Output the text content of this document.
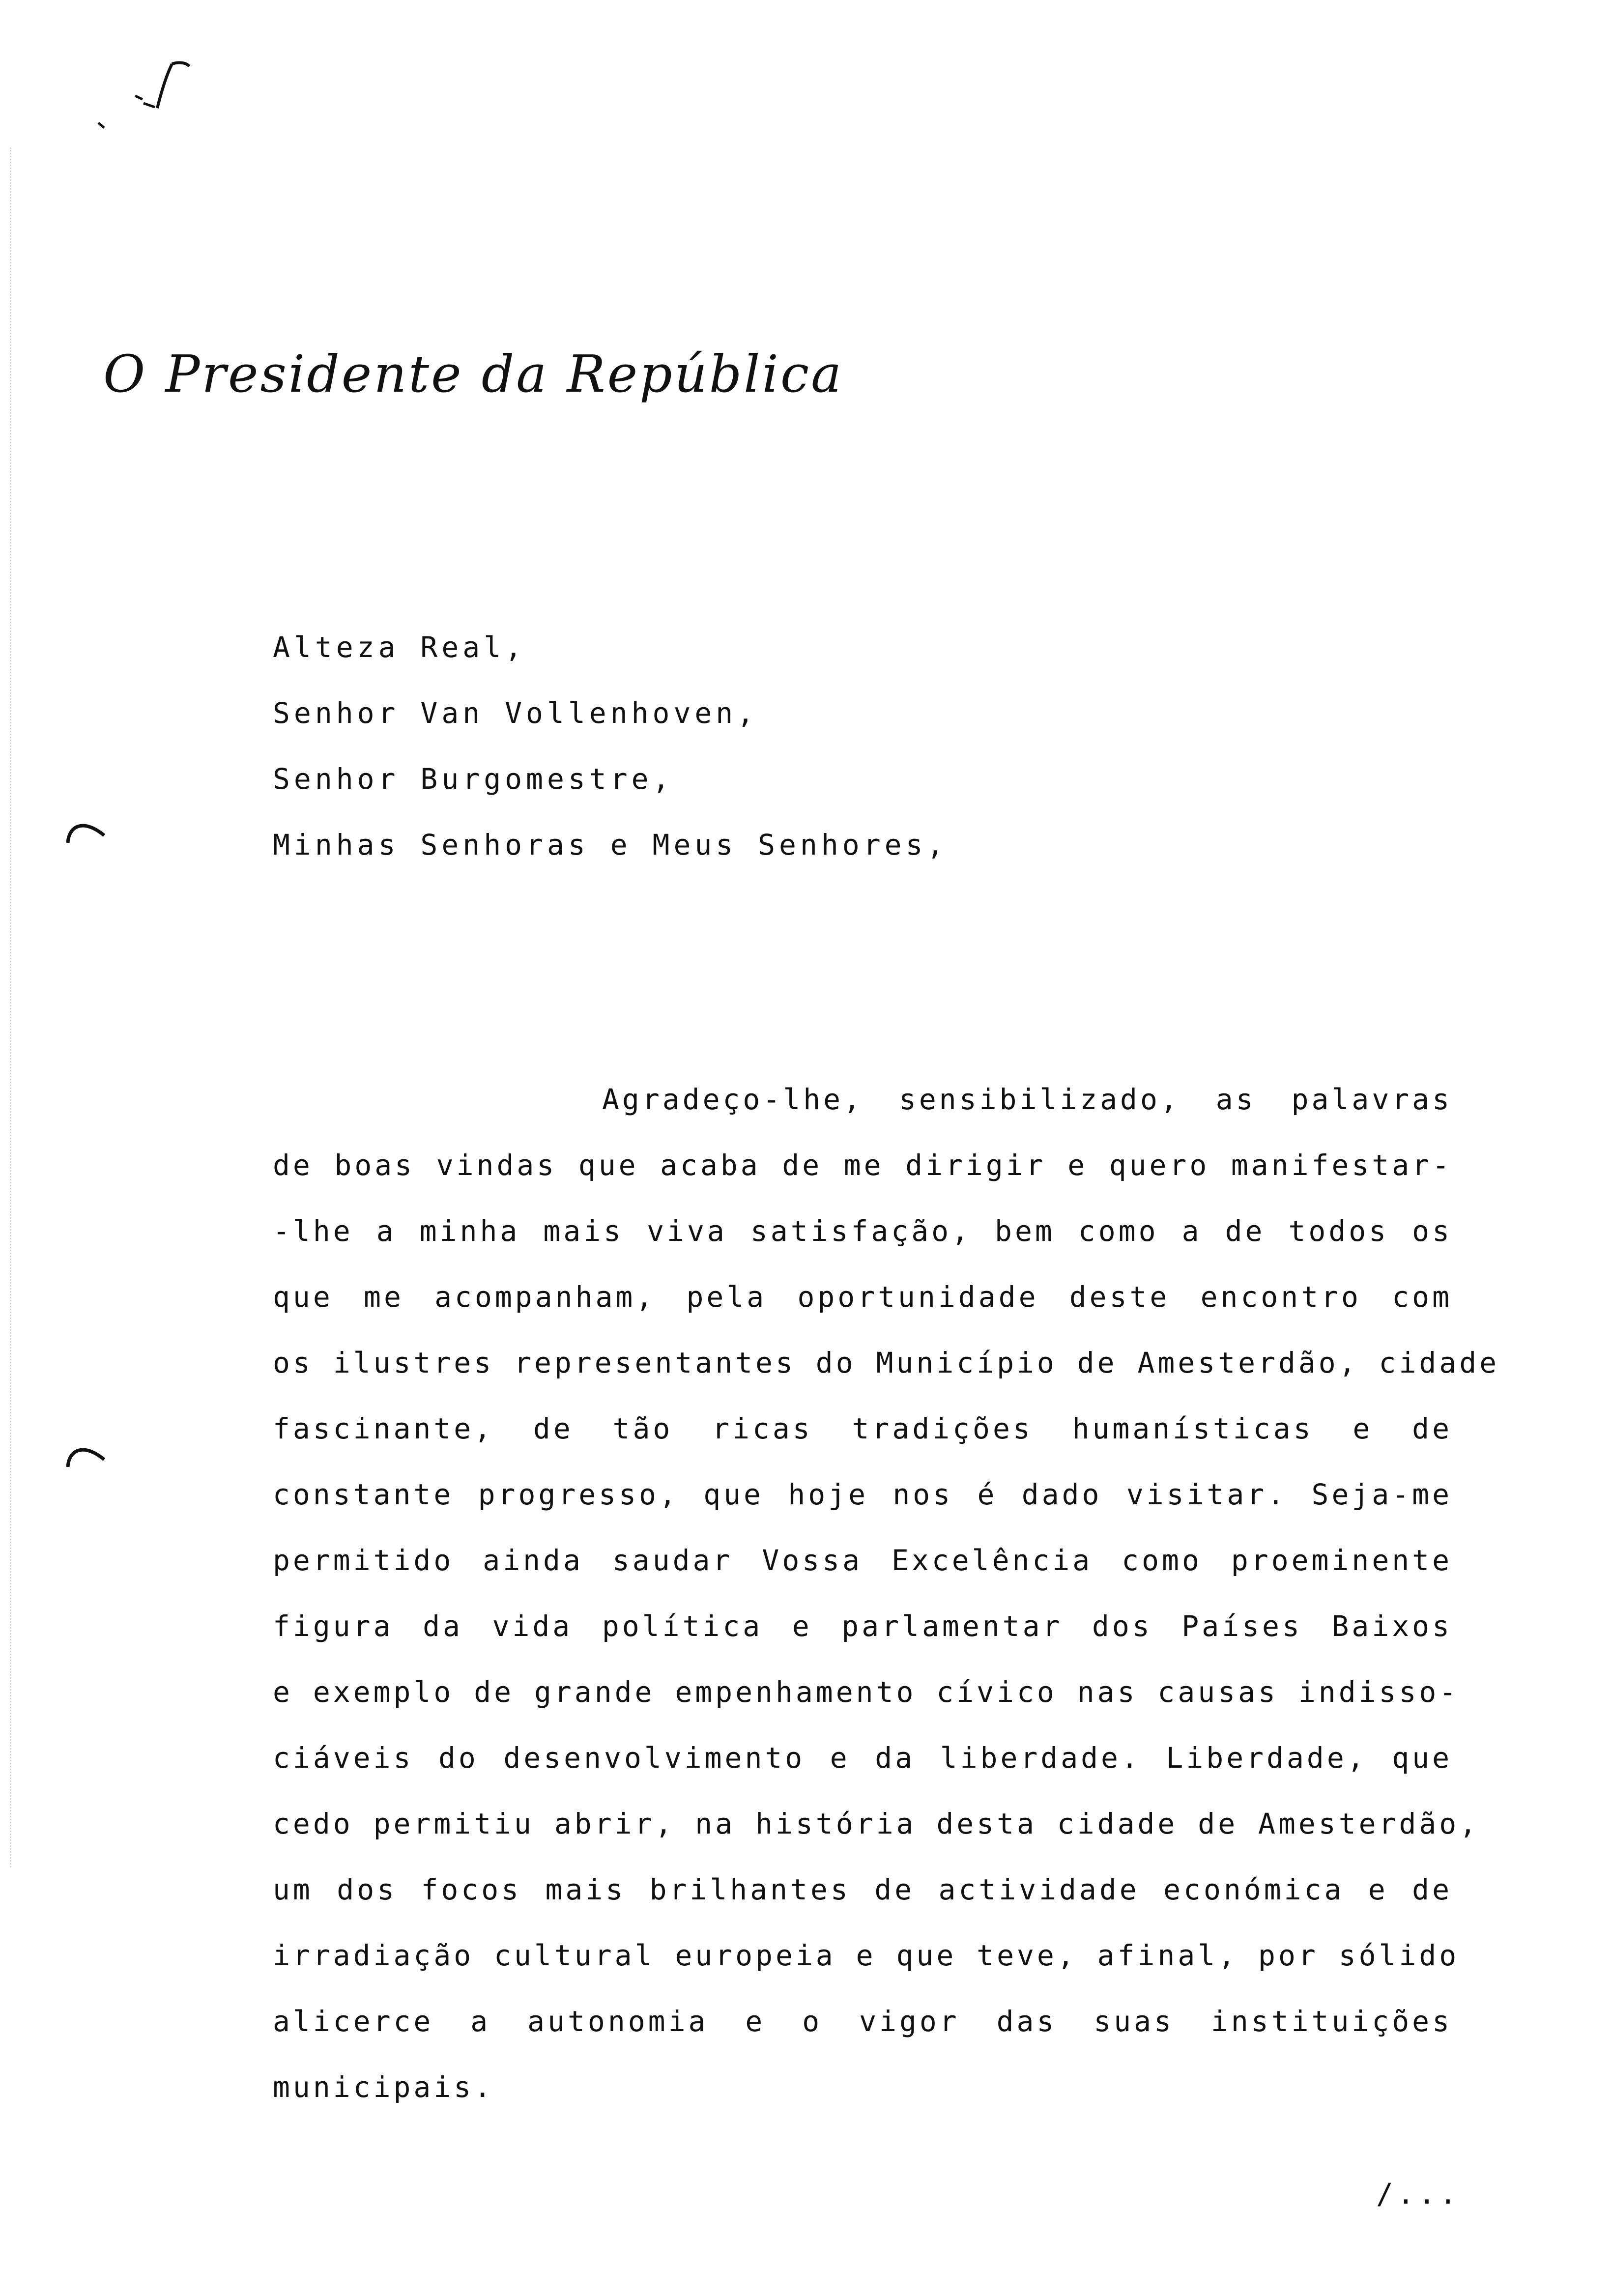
O Presidente da República
Alteza Real,
Senhor Van Vollenhoven,
Senhor Burgomestre,
Minhas Senhoras e Meus Senhores,
Agradeço-lhe, sensibilizado, as palavras
de boas vindas que acaba de me dirigir e quero manifestar-
-lhe a minha mais viva satisfação, bem como a de todos os
que me acompanham, pela oportunidade deste encontro com
os ilustres representantes do Município de Amesterdão, cidade
fascinante, de tão ricas tradições humanísticas e de
constante progresso, que hoje nos é dado visitar. Seja-me
permitido ainda saudar Vossa Excelência como proeminente
figura da vida política e parlamentar dos Países Baixos
e exemplo de grande empenhamento cívico nas causas indisso-
ciáveis do desenvolvimento e da liberdade. Liberdade, que
cedo permitiu abrir, na história desta cidade de Amesterdão,
um dos focos mais brilhantes de actividade económica e de
irradiação cultural europeia e que teve, afinal, por sólido
alicerce a autonomia e o vigor das suas instituições
municipais.
/...
